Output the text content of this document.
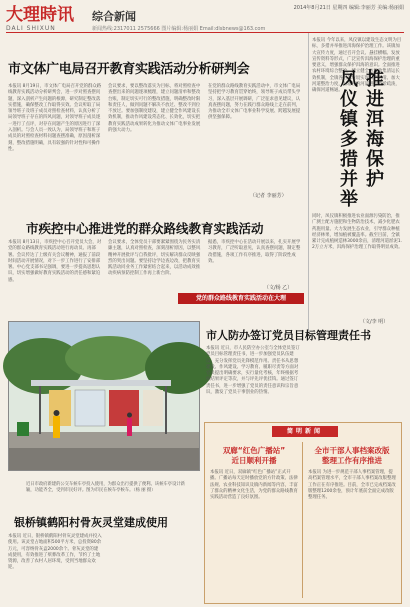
大理時讯
DALI SHIXUN
综合新闻
2014年8月21日 星期四 编辑:李丽芳 美编:杨丽娟
新闻热线:2317011 2575666 图片编辑:杨丽娟 Email:dlsbnews@163.com
市文体广电局召开教育实践活动分析研判会
本报讯 8月19日，市文体广电局召开党的群众路线教育实践活动分析研判会，进一步对照查摆问题，深入剖析产生问题的根源，研究制定整改落实措施，确保整改工作取得实效。会议听取了局领导班子及班子成员对照检查材料，认真分析了局领导班子存在的四风问题，对领导班子成员逐一进行了点评，对存在问题产生的原因进行了深入剖析。与会人员一致认为，局领导班子和班子成员的对照检查材料问题查摆准确，原因剖析深刻，整改措施明确，具有较强的针对性和可操作性。
会议要求，要以整改落实为目标，将对照检查中查摆出来的问题逐项梳理，建立问题清单和整改台账，制定切实可行的整改措施，明确整改时限和责任人，做到问题不解决不放过、整改不到位不放过。要加强制度建设，建立健全作风建设长效机制，推动作风建设常态化、长效化，切实把教育实践活动成果转化为推动文体广电事业发展的强大动力。
在党的群众路线教育实践活动中，市文体广电局坚持把学习教育贯穿始终，领导班子成员带头学习，深入基层开展调研，广泛征求意见建议，认真查摆问题，努力在践行群众路线上走在前列，为推动全市文体广电事业科学发展、跨越发展提供坚强保障。
（记者 李丽芳）
市疾控中心推进党的群众路线教育实践活动
本报讯 8月13日，市疾控中心召开党员大会，对党的群众路线教育实践活动进行再动员、再部署。会议传达了上级有关会议精神，通报了前段时间活动开展情况，对下一步工作进行了安排部署。中心党支部书记强调，要进一步提高思想认识，切实增强做好教育实践活动的责任感和紧迫感。
会议要求，全体党员干部要紧紧围绕为民务实清廉主题，认真对照检查，深刻剖析原因，以整风精神开展批评与自我批评，切实解决群众反映强烈的突出问题。要坚持边学边查边改，把教育实践活动同业务工作紧密结合起来，以活动成效推动疾病预防控制工作再上新台阶。
据悉，市疾控中心在活动开展以来，扎实开展学习教育，广泛听取意见，认真查摆问题，制定整改措施，各项工作有序推进，取得了阶段性成效。
（文/杨 乙）
党的群众路线教育实践活动在大理
本报讯 今年以来，凤仪镇以建设生态文明为目标，多措并举推进洱海保护治理工作。该镇加大宣传力度，通过召开会议、悬挂横幅、发放宣传资料等形式，广泛宣传洱海保护治理的重要意义，增强群众保护洱海的意识。全面推进农村环境综合整治，建立健全垃圾收集清运长效机制，全镇各村落垃圾实现日产日清。加大河道整治力度，对辖区内河道进行清淤疏浚，确保河道畅通。
凤
仪
镇
多
措
并
举
推
进
洱
海
保
护
同时，凤仪镇积极推进农业面源污染防治，推广测土配方施肥和生物防治技术，减少化肥农药施用量。大力发展生态农业，引导群众种植经济林果，增加植被覆盖率。截至目前，全镇累计完成植树造林3000余亩，清理河道淤泥1.2万立方米，洱海保护治理工作取得明显成效。
（文/李 明）
近日市政府新建的公交车候车亭投入使用，为群众出行提供了便利。该候车亭设计新颖，功能齐全，受到市民好评。图为市民在候车亭候车。（杨 丽 摄）
市人防办签订党员目标管理责任书
本报讯 近日，市人民防空办公室与全体党员签订党员目标管理责任书，进一步加强党员队伍建设，充分发挥党员先锋模范作用。责任书从思想建设、作风建设、学习教育、履职尽责等方面对党员提出明确要求，实行量化考核，年终根据考核结果评定等次，并与评先评优挂钩。通过签订责任书，进一步增强了党员的责任意识和宗旨意识，激发了党员干事创业的热情。
银桥镇鹤阳村骨灰灵堂建成使用
本报讯 近日，银桥镇鹤阳村骨灰灵堂建成并投入使用。该灵堂占地面积500平方米，总投资80余万元，可容纳骨灰盒2000余个。骨灰灵堂的建成使用，有效推进了殡葬改革工作，节约了土地资源，改善了农村人居环境，受到当地群众欢迎。
简明新闻
双廊“红色广播站”
近日顺利开播
本报讯 近日，双廊镇“红色广播站”正式开播。广播站每天定时播放党的方针政策、法律法规、农业科技知识及镇内新闻等内容，丰富了群众的精神文化生活，为党的群众路线教育实践活动营造了良好氛围。
全市干部人事档案改版
整理工作有序推进
本报讯 为进一步规范干部人事档案管理，提高档案管理水平，全市干部人事档案改版整理工作正在有序推进。目前，全市已完成档案改版整理1200余卷，预计年底前全面完成改版整理任务。
